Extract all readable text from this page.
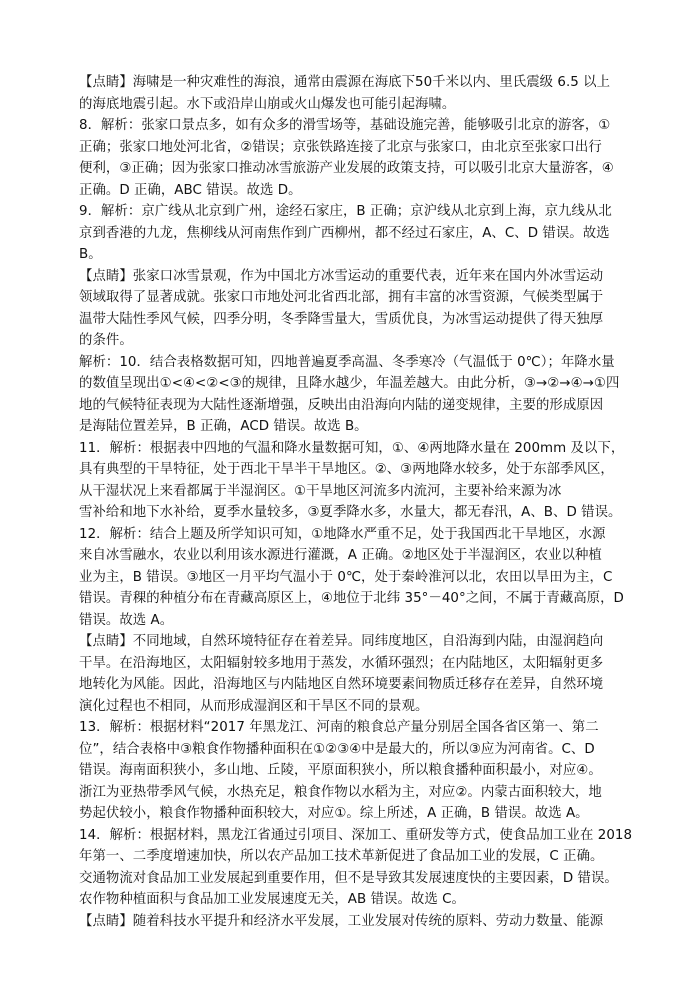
【点睛】海啸是一种灾难性的海浪，通常由震源在海底下50千米以内、里氏震级 6.5 以上
的海底地震引起。水下或沿岸山崩或火山爆发也可能引起海啸。
8．解析：张家口景点多，如有众多的滑雪场等，基础设施完善，能够吸引北京的游客，①
正确；张家口地处河北省，②错误；京张铁路连接了北京与张家口，由北京至张家口出行
便利，③正确；因为张家口推动冰雪旅游产业发展的政策支持，可以吸引北京大量游客，④
正确。D 正确，ABC 错误。故选 D。
9．解析：京广线从北京到广州，途经石家庄，B 正确；京沪线从北京到上海，京九线从北
京到香港的九龙，焦柳线从河南焦作到广西柳州，都不经过石家庄，A、C、D 错误。故选
B。
【点睛】张家口冰雪景观，作为中国北方冰雪运动的重要代表，近年来在国内外冰雪运动
领域取得了显著成就。张家口市地处河北省西北部，拥有丰富的冰雪资源，气候类型属于
温带大陆性季风气候，四季分明，冬季降雪量大，雪质优良，为冰雪运动提供了得天独厚
的条件。
解析：10．结合表格数据可知，四地普遍夏季高温、冬季寒冷（气温低于 0℃）；年降水量
的数值呈现出①<④<②<③的规律，且降水越少，年温差越大。由此分析，③→②→④→①四
地的气候特征表现为大陆性逐渐增强，反映出由沿海向内陆的递变规律，主要的形成原因
是海陆位置差异，B 正确，ACD 错误。故选 B。
11．解析：根据表中四地的气温和降水量数据可知，①、④两地降水量在 200mm 及以下，
具有典型的干旱特征，处于西北干旱半干旱地区。②、③两地降水较多，处于东部季风区，
从干湿状况上来看都属于半湿润区。①干旱地区河流多内流河，主要补给来源为冰
雪补给和地下水补给，夏季水量较多，③夏季降水多，水量大，都无春汛，A、B、D 错误。
12．解析：结合上题及所学知识可知，①地降水严重不足，处于我国西北干旱地区，水源
来自冰雪融水，农业以利用该水源进行灌溉，A 正确。②地区处于半湿润区，农业以种植
业为主，B 错误。③地区一月平均气温小于 0℃，处于秦岭淮河以北，农田以旱田为主，C
错误。青稞的种植分布在青藏高原区上，④地位于北纬 35°－40°之间，不属于青藏高原，D
错误。故选 A。
【点睛】不同地域，自然环境特征存在着差异。同纬度地区，自沿海到内陆，由湿润趋向
干旱。在沿海地区，太阳辐射较多地用于蒸发，水循环强烈；在内陆地区，太阳辐射更多
地转化为风能。因此，沿海地区与内陆地区自然环境要素间物质迁移存在差异，自然环境
演化过程也不相同，从而形成湿润区和干旱区不同的景观。
13．解析：根据材料“2017 年黑龙江、河南的粮食总产量分别居全国各省区第一、第二
位”，结合表格中③粮食作物播种面积在①②③④中是最大的，所以③应为河南省。C、D
错误。海南面积狭小，多山地、丘陵，平原面积狭小，所以粮食播种面积最小，对应④。
浙江为亚热带季风气候，水热充足，粮食作物以水稻为主，对应②。内蒙古面积较大，地
势起伏较小，粮食作物播种面积较大，对应①。综上所述，A 正确，B 错误。故选 A。
14．解析：根据材料，黑龙江省通过引项目、深加工、重研发等方式，使食品加工业在 2018
年第一、二季度增速加快，所以农产品加工技术革新促进了食品加工业的发展，C 正确。
交通物流对食品加工业发展起到重要作用，但不是导致其发展速度快的主要因素，D 错误。
农作物种植面积与食品加工业发展速度无关，AB 错误。故选 C。
【点睛】随着科技水平提升和经济水平发展，工业发展对传统的原料、劳动力数量、能源
